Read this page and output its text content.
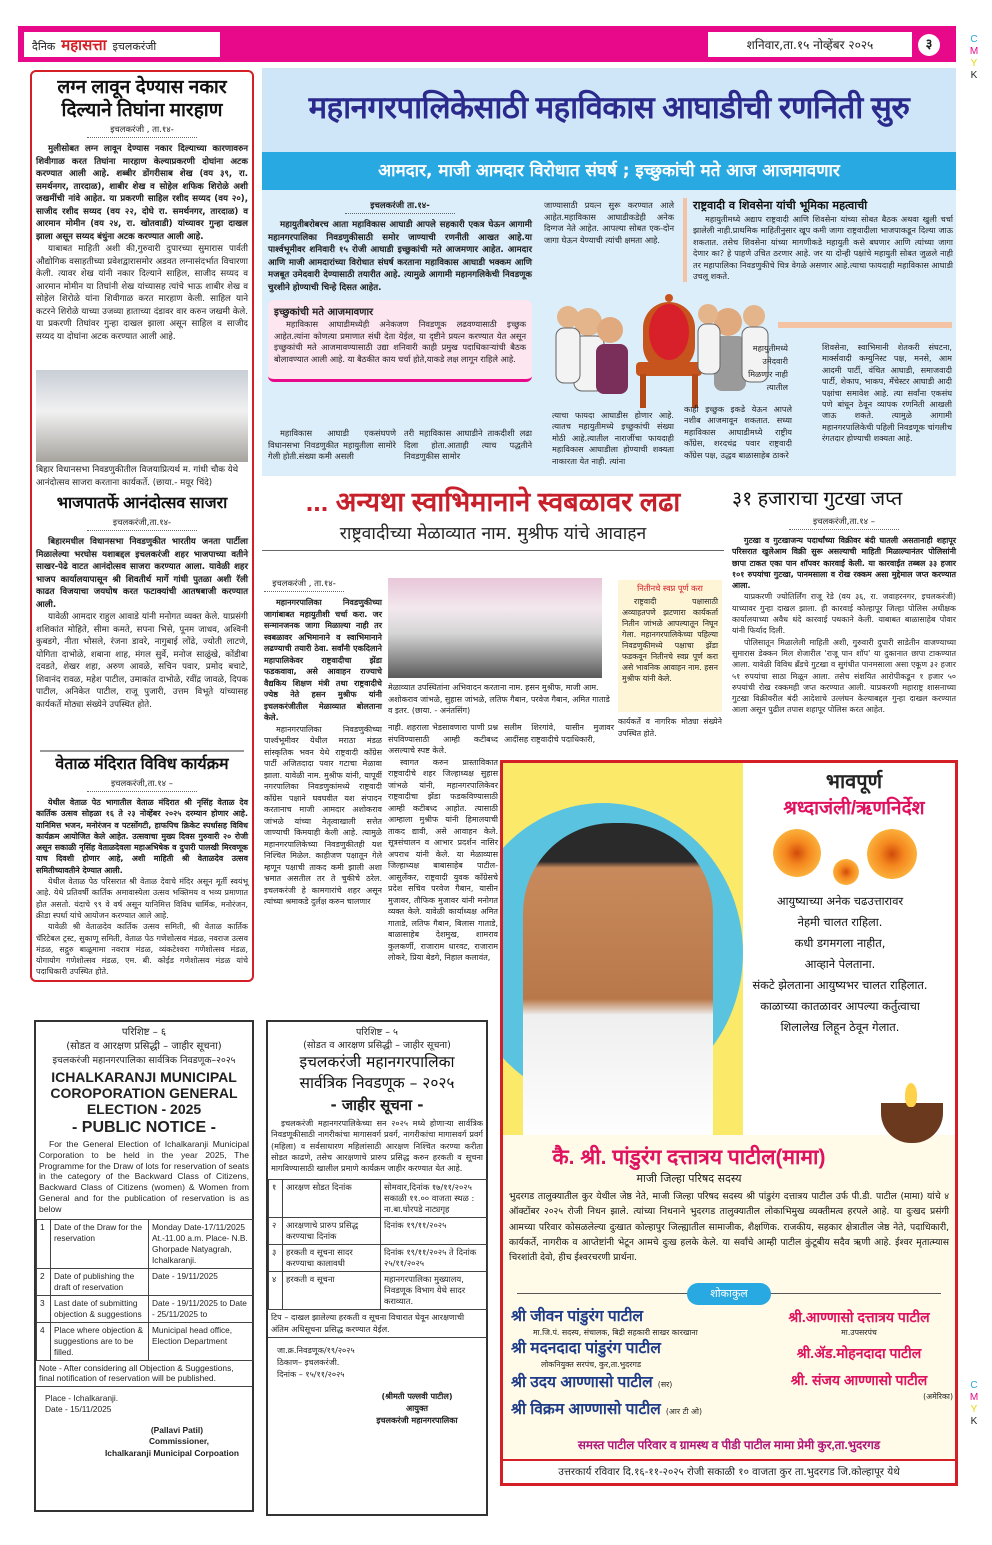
C
M
Y
K
C
M
Y
K
दैनिक महासत्ता इचलकरंजी	शनिवार,ता.१५ नोव्हेंबर २०२५	३
लग्न लावून देण्यास नकार दिल्याने तिघांना मारहाण
इचलकरंजी , ता.१४-

मुलीसोबत लग्न लावून देण्यास नकार दिल्याच्या कारणावरुन शिवीगाळ करत तिघांना मारहाण केल्याप्रकरणी दोघांना अटक करण्यात आली आहे. शब्बीर डोंगरीसाब शेख (वय ३९, रा. समर्थनगर, तारदाळ), शाबीर शेख व सोहेल शफिक शिरोळे अशी जखमींची नांवे आहेत. या प्रकरणी साहिल रशीद सय्यद (वय २०), साजीद रशीद सय्यद (वय २२, दोघे रा. समर्थनगर, तारदाळ) व आरमान मोमीन (वय २४, रा. खोतवाडी) यांच्यावर गुन्हा दाखल झाला असून सय्यद बंधुंना अटक करण्यात आली आहे.

याबाबत माहिती अशी की,गुरुवारी दुपारच्या सुमारास पार्वती औद्योगिक वसाहतीच्या प्रवेशद्वारासमोर अडवत लग्नासंदर्भात विचारणा केली. त्यावर शेख यांनी नकार दिल्याने साहिल, साजीद सय्यद व आरमान मोमीन या तिघांनी शेख यांच्यासह त्यांचे भाऊ शाबीर शेख व सोहेल शिरोळे यांना शिवीगाळ करत मारहाण केली. साहिल याने कटरने शिरोळे याच्या उजव्या हाताच्या दंडावर वार करुन जखमी केले. या प्रकरणी तिघांवर गुन्हा दाखल झाला असून साहिल व साजीद सय्यद या दोघांना अटक करण्यात आली आहे.

बिहार विधानसभा निवडणुकीतील विजयाप्रित्यर्थ म. गांधी चौक येथे आनंदोत्सव साजरा करताना कार्यकर्ते. (छाया.- मयूर चिंदे)

भाजपातर्फे आनंदोत्सव साजरा
इचलकरंजी,ता.१४-

बिहारमधील विधानसभा निवडणुकीत भारतीय जनता पार्टीला मिळालेल्या भरघोस यशाबद्दल इचलकरंजी शहर भाजपाच्या वतीने साखर-पेढे वाटत आनंदोत्सव साजरा करण्यात आला. यावेळी शहर भाजप कार्यालयापासून श्री शिवतीर्थ मार्गे गांधी पुतळा अशी रॅली काढत विजयाचा जयघोष करत फटाक्यांची आतषबाजी करण्यात आली.

यावेळी आमदार राहुल आवाडे यांनी मनोगत व्यक्त केले. याप्रसंगी शशिकांत मोहिते, सीमा कमते, सपना भिसे, पूनम जाधव, अश्विनी कुबडगे, नीता भोसले, रंजना डावरे, नागुबाई लोंढे, ज्योती लाटणे, योगिता दाभोळे, शबाना शाह, मंगल सुर्वे, मनोज साळुंखे, कोंडीबा दवडते, शेखर शहा, अरुण आवळे, सचिन पवार, प्रमोद बचाटे, शिवानंद रावळ, महेश पाटील, उमाकांत दाभोळे, रवींद्र जावळे, दिपक पाटील, अनिकेत पाटील, राजू पुजारी, उत्तम विभूते यांच्यासह कार्यकर्ते मोठ्या संख्येने उपस्थित होते.

वेताळ मंदिरात विविध कार्यक्रम
इचलकरंजी,ता.१४ –

येथील वेताळ पेठ भागातील वेताळ मंदिरात श्री नृसिंह वेताळ देव कार्तिक उत्सव सोहळा १६ ते २३ नोव्हेंबर २०२५ दरम्यान होणार आहे. यानिमित्त भजन, मनोरंजन व पटसोंगटी, हाफपिच क्रिकेट स्पर्धासह विविध कार्यक्रम आयोजित केले आहेत. उत्सवाचा मुख्य दिवस गुरुवारी २० रोजी असून सकाळी नृसिंह वेताळदेवला महाअभिषेक व दुपारी पालखी मिरवणूक याच दिवशी होणार आहे, अशी माहिती श्री वेताळदेव उत्सव समितीच्यावतीने देण्यात आली.

येथील वेताळ पेठ परिसरात श्री वेताळ देवाचे मंदिर असून मूर्ती स्वयंभू आहे. येथे प्रतिवर्षी कार्तिक अमावास्येला उत्सव भक्तिमय व भव्य प्रमाणात होत असतो. यंदाचे ९९ वे वर्ष असून यानिमित्त विविध धार्मिक, मनोरंजन, क्रीडा स्पर्धा यांचे आयोजन करण्यात आले आहे.

यावेळी श्री वेताळदेव कार्तिक उत्सव समिती, श्री वेताळ कार्तिक चॅरिटेबल ट्रस्ट, सुकाणू समिती, वेताळ पेठ गणेशोत्सव मंडळ, नवराज उत्सव मंडळ, सद्गुरु बाळूमामा नवरात्र मंडळ, व्यंकटेश्वरा गणेशोत्सव मंडळ, योगायोग गणेशोत्सव मंडळ, एम. बी. कोईड गणेशोत्सव मंडळ यांचे पदाधिकारी उपस्थित होते.

परिशिष्ट – ६
(सोडत व आरक्षण प्रसिद्धी – जाहीर सूचना)
इचलकरंजी महानगरपालिका सार्वत्रिक निवडणूक–२०२५
ICHALKARANJI MUNICIPAL COROPORATION GENERAL ELECTION - 2025
- PUBLIC NOTICE -

For the General Election of Ichalkaranji Municipal Corporation to be held in the year 2025, The Programme for the Draw of lots for reservation of seats in the category of the Backward Class of Citizens, Backward Class of Citizens (women) & Women from General and for the publication of reservation is as below

1	Date of the Draw for the reservation	Monday Date-17/11/2025 At.-11.00 a.m. Place- N.B. Ghorpade Natyagrah, Ichalkaranji.
2	Date of publishing the draft of reservation	Date - 19/11/2025
3	Last date of submitting objection & suggestions	Date - 19/11/2025 to Date - 25/11/2025 to
4	Place where objection & suggestions are to be filled.	Municipal head office, Election Department

Note - After considering all Objection & Suggestions, final notification of reservation will be published.

Place - Ichalkaranji.
Date - 15/11/2025
(Pallavi Patil)
Commissioner,
Ichalkaranji Municipal Corpoation
महानगरपालिकेसाठी महाविकास आघाडीची रणनिती सुरु
आमदार, माजी आमदार विरोधात संघर्ष ; इच्छुकांची मते आज आजमावणार
इचलकरंजी ता.१४-

महायुतीबरोबरच आता महाविकास आघाडी आपले सहकारी एकत्र घेऊन आगामी महानगरपालिका निवडणुकीसाठी समोर जाण्याची रणनीती आखत आहे.या पार्श्वभूमीवर शनिवारी १५ रोजी आघाडी इच्छुकांची मते आजमणार आहेत. आमदार आणि माजी आमदारांच्या विरोधात संघर्ष करताना महाविकास आघाडी भक्कम आणि मजबूत उमेदवारी देण्यासाठी तयारीत आहे. त्यामुळे आगामी महानगलिकेची निवडणूक चुरशीने होण्याची चिन्हे दिसत आहेत.

इच्छुकांची मते आजमावणार

महाविकास आघाडीमध्येही अनेकजण निवडणूक लढवण्यासाठी इच्छुक आहेत.त्यांना कोणत्या प्रमाणात संधी देता येईल, या दृष्टीने प्रयत्न करण्यात येत असून इच्छुकांची मते आजमावण्यासाठी उद्या शनिवारी काही प्रमुख पदाधिकाऱ्यांची बैठक बोलावण्यात आली आहे. या बैठकीत काय चर्चा होते,याकडे लक्ष लागून राहिले आहे.

महाविकास आघाडी एकसंघपणे विधानसभा निवडणुकीत महायुतीला सामोरे गेली होती.संख्या कमी असली

तरी महाविकास आघाडीने ताकदीशी लढा दिला होता.आताही त्याच पद्धतीने निवडणुकीस सामोर

जाण्यासाठी प्रयत्न सुरू करण्यात आले आहेत.महाविकास आघाडीकडेही अनेक दिग्गज नेते आहेत. आपल्या सोबत एक-दोन जागा घेऊन येण्याची त्यांची क्षमता आहे.

राष्ट्रवादी व शिवसेना यांची भूमिका महत्वाची

महायुतीमध्ये अद्याप राष्ट्रवादी आणि शिवसेना यांच्या सोबत बैठक अथवा खुली चर्चा झालेली नाही.प्राथमिक माहितीनुसार खूप कमी जागा राष्ट्रवादीला भाजपाकडून दिल्या जाऊ शकतात. तसेच शिवसेना यांच्या मागणीकडे महायुती कसे बघणार आणि त्यांच्या जागा देणार का? हे पाहणे उचित ठरणार आहे. जर या दोन्ही पक्षांचे महायुती सोबत जुळले नाही तर महापालिका निवडणुकीचे चित्र वेगळे असणार आहे.त्याचा फायदाही महाविकास आघाडी उचलू शकते.

महायुतीमध्ये उमेदवारी मिळणार नाही त्यातील

त्याचा फायदा आघाडीस होणार आहे. त्यातच महायुतीमध्ये इच्छुकांची संख्या मोठी आहे.त्यातील नाराजींचा फायदाही महाविकास आघाडीला होण्याची शक्यता नाकारता येत नाही. त्यांना

काही इच्छुक इकडे येऊन आपले नशीब आजमावून शकतात. सध्या महाविकास आघाडीमध्ये राष्ट्रीय काँग्रेस, शरदचंद्र पवार राष्ट्रवादी काँग्रेस पक्ष, उद्धव बाळासाहेब ठाकरे

शिवसेना, स्वाभिमानी शेतकरी संघटना, मार्क्सवादी कम्युनिस्ट पक्ष, मनसे, आम आदमी पार्टी, वंचित आघाडी, समाजवादी पार्टी, शेकाप, भाकप, मँचेस्टर आघाडी आदी पक्षांचा समावेश आहे. त्या सर्वांना एकसंघ पणे बांधून ठेवून व्यापक रणनिती आखली जाऊ शकते. त्यामुळे आगामी महानगरपालिकेची पहिली निवडणूक चांगलीच रंगतदार होण्याची शक्यता आहे.

... अन्यथा स्वाभिमानाने स्वबळावर लढा
राष्ट्रवादीच्या मेळाव्यात नाम. मुश्रीफ यांचे आवाहन
इचलकरंजी , ता.१४-

महानगरपालिका निवडणुकीच्या जागांबाबत महायुतीशी चर्चा करा. जर सन्मानजनक जागा मिळाल्या नाही तर स्वबळावर अभिमानाने व स्वाभिमानाने लढण्याची तयारी ठेवा. सर्वांनी एकदिलाने महापालिकेवर राष्ट्रवादीचा झेंडा फडकवावा, असे आवाहन राज्याचे वैद्यकिय शिक्षण मंत्री तथा राष्ट्रवादीचे ज्येष्ठ नेते हसन मुश्रीफ यांनी इचलकरंजीतील मेळाव्यात बोलताना केले.

महानगरपालिका निवडणुकीच्या पार्श्वभूमीवर येथील मराठा मंडळ सांस्कृतिक भवन येथे राष्ट्रवादी काँग्रेस पार्टी अजितदादा पवार गटाचा मेळावा झाला. यावेळी नाम. मुश्रीफ यांनी, यापूर्वी नगरपालिका निवडणुकांमध्ये राष्ट्रवादी काँग्रेस पक्षाने घवघवीत यश संपादन करतानाच माजी आमदार अशोकराव जांभळे यांच्या नेतृत्वाखाली सत्तेत जाण्याची किमयाही केली आहे. त्यामुळे महानगरपालिकेच्या निवडणुकीतही यश निश्चित मिळेल. काहीजण पक्षातून गेले म्हणून पक्षाची ताकद कमी झाली अशा भ्रमात असतील तर ते चुकीचे ठरेल. इचलकरंजी हे कामगारांचे शहर असून त्यांच्या श्रमाकडे दुर्लक्ष करुन चालणार

मेळाव्यात उपस्थितांना अभिवादन करताना नाम. हसन मुश्रीफ, माजी आम. अशोकराव जांभळे, सुहास जांभळे, लतिफ गैबान, परवेज गैबान, अमित गाताडे व इतर. (छाया. - अनंतसिंग)

नितीनचे स्वप्न पूर्ण करा

राष्ट्रवादी पक्षासाठी अव्याहतपणे झटणारा कार्यकर्ता नितीन जांभळे आपल्यातून निघून गेला. महानगरपालिकेच्या पहिल्या निवडणुकीमध्ये पक्षाचा झेंडा फडकवून नितीनचे स्वप्न पूर्ण करा असे भावनिक आवाहन नाम. हसन मुश्रीफ यांनी केले.

कार्यकर्ते व नागरिक मोठ्या संख्येने उपस्थित होते.

नाही. शहराला भेडसावणारा पाणी प्रश्न संपविण्यासाठी आम्ही कटीबध्द असल्याचे स्पष्ट केले.

स्वागत करुन प्रास्ताविकात राष्ट्रवादीचे शहर जिल्हाध्यक्ष सुहास जांभळे यांनी, महानगरपालिकेवर राष्ट्रवादीचा झेंडा फडकविण्यासाठी आम्ही कटीबध्द आहोत. त्यासाठी आम्हाला मुश्रीफ यांनी हिमालयाची ताकद द्यावी, असे आवाहन केले. सूत्रसंचालन व आभार प्रदर्शन नासिर अपराध यांनी केले. या मेळाव्यास जिल्हाध्यक्ष बाबासाहेब पाटील-आसुर्लेकर, राष्ट्रवादी युवक काँग्रेसचे प्रदेश सचिव परवेज गैबान, यासीन मुजावर, तौफिक मुजावर यांनी मनोगत व्यक्त केले. यावेळी कार्याध्यक्ष अमित गाताडे, लतिफ गैबान, बिलास गाताडे, बाळासाहेब देशमुख, शामराव कुलकर्णी, राजाराम धारवट, राजाराम लोकरे, प्रिया बेडगे, निहाल कलावंत,

सलीम शिरगांवे, यासीन मुजावर आदींसह राष्ट्रवादीचे पदाधिकारी,

३१ हजाराचा गुटखा जप्त
इचलकरंजी,ता.१४ –

गुटखा व गुटखाजन्य पदार्थांच्या विक्रीवर बंदी घातली असतानाही शहापूर परिसरात खुलेआम विक्री सुरू असल्याची माहिती मिळाल्यानंतर पोलिसांनी छापा टाकत एका पान शॉपवर कारवाई केली. या कारवाईत तब्बल ३३ हजार १०१ रुपयांचा गुटखा, पानमसाला व रोख रक्कम असा मुद्देमाल जप्त करण्यात आला.

याप्रकरणी ज्योतिर्लिंग राजू रेडे (वय ३६, रा. जवाहरनगर, इचलकरंजी) याच्यावर गुन्हा दाखल झाला. ही कारवाई कोल्हापूर जिल्हा पोलिस अधीक्षक कार्यालयाच्या अवैध धंदे कारवाई पथकाने केली. याबाबत बाळासाहेब पोवार यांनी फिर्याद दिली.

पोलिसातून मिळालेली माहिती अशी, गुरुवारी दुपारी साडेतीन वाजण्याच्या सुमारास डेक्कन मिल शेजारील 'राजू पान शॉप' या दुकानात छापा टाकण्यात आला. यावेळी विविध ब्रँडचे गुटखा व सुगंधीत पानमसाला असा एकूण ३२ हजार ५१ रुपयांचा साठा मिळून आला. तसेच संशयित आरोपीकडून १ हजार ५० रुपयांची रोख रक्कमही जप्त करण्यात आली. याप्रकरणी महाराष्ट्र शासनाच्या गुटखा विक्रीवरील बंदी आदेशाचे उल्लंघन केल्याबद्दल गुन्हा दाखल करण्यात आला असून पुढील तपास शहापूर पोलिस करत आहेत.

परिशिष्ट – ५
(सोडत व आरक्षण प्रसिद्धी – जाहीर सूचना)
इचलकरंजी महानगरपालिका
सार्वत्रिक निवडणूक – २०२५
- जाहीर सूचना -

इचलकरंजी महानगरपालिकेच्या सन २०२५ मध्ये होणाऱ्या सार्वत्रिक निवडणूकीसाठी नागरीकांचा मागासवर्ग प्रवर्ग, नागरीकांचा मागासवर्ग प्रवर्ग (महिला) व सर्वसाधारण महिलांसाठी आरक्षण निश्चित करण्या करीता सोडत काढणे, तसेच आरक्षणाचे प्रारुप प्रसिद्ध करुन हरकती व सूचना मागविण्यासाठी खालील प्रमाणे कार्यक्रम जाहीर करण्यात येत आहे.

१	आरक्षण सोडत दिनांक	सोमवार,दिनांक १७/११/२०२५ सकाळी ११.०० वाजता स्थळ : ना.बा.घोरपडे नाट्यगृह
२	आरक्षणाचे प्रारुप प्रसिद्ध करण्याचा दिनांक	दिनांक १९/११/२०२५
३	हरकती व सूचना सादर करण्याचा कालावधी	दिनांक १९/११/२०२५ ते दिनांक २५/११/२०२५
४	हरकती व सूचना	महानगरपालिका मुख्यालय, निवडणूक विभाग येथे सादर कराव्यात.

टिप – दाखल झालेल्या हरकती व सूचना विचारात घेवून आरक्षणाची अंतिम अधिसूचना प्रसिद्ध करण्यात येईल.

जा.क्र.निवडणूक/१९/२०२५
ठिकाण– इचलकरंजी.
दिनांक – १५/११/२०२५
(श्रीमती पल्लवी पाटील)
आयुक्त
इचलकरंजी महानगरपालिका
भावपूर्ण
श्रध्दाजंली/ऋणनिर्देश
आयुष्याच्या अनेक चढउत्तारावर
नेहमी चालत राहिला.
कधी डगमगला नाहीत,
आव्हाने पेलताना.
संकटे झेलताना आयुष्यभर चालत राहिलात.
काळाच्या कातळावर आपल्या कर्तुत्वाचा
शिलालेख लिहून ठेवून गेलात.
कै. श्री. पांडुरंग दत्तात्रय पाटील(मामा)
माजी जिल्हा परिषद सदस्य

भुदरगड तालुक्यातील कुर येथील जेष्ठ नेते, माजी जिल्हा परिषद सदस्य श्री पांडुरंग दत्तात्रय पाटील उर्फ पी.डी. पाटील (मामा) यांचे ४ ऑक्टोंबर २०२५ रोजी निधन झाले. त्यांच्या निधनाने भुदरगड तालुक्यातील लोकाभिमुख व्यक्तीमत्व हरपले आहे. या दुःखद प्रसंगी आमच्या परिवार कोसळलेल्या दुःखात कोल्हापुर जिल्ह्यातील सामाजीक, शैक्षणिक. राजकीय, सहकार क्षेत्रातील जेष्ठ नेते, पदाधिकारी, कार्यकर्ते, नागरीक व आप्तेष्टांनी भेटून आमचे दुःख हलके केले. या सर्वांचे आम्ही पाटील कुंटूबीय सदैव ऋणी आहे. ईश्वर मृतात्म्यास चिरशांती देवो, हीच ईश्वरचरणी प्रार्थना.

शोकाकुल
श्री जीवन पांडुरंग पाटील
मा.जि.पं. सदस्य, संचालक, बिद्री सहकारी साखर कारखाना
श्री मदनदादा पांडुरंग पाटील
लोकनियुक्त सरपंच, कुर,ता.भुदरगड
श्री उदय आण्णासो पाटील (सर)
श्री विक्रम आण्णासो पाटील (आर टी ओ)
श्री.आण्णासो दत्तात्रय पाटील
मा.उपसरपंच
श्री.ॲड.मोहनदादा पाटील
श्री. संजय आण्णासो पाटील
(अमेरिका)
समस्त पाटील परिवार व ग्रामस्थ व पीडी पाटील मामा प्रेमी कुर,ता.भुदरगड
उत्तरकार्य रविवार दि.१६-११-२०२५ रोजी सकाळी १० वाजता कुर ता.भुदरगड जि.कोल्हापूर येथे
